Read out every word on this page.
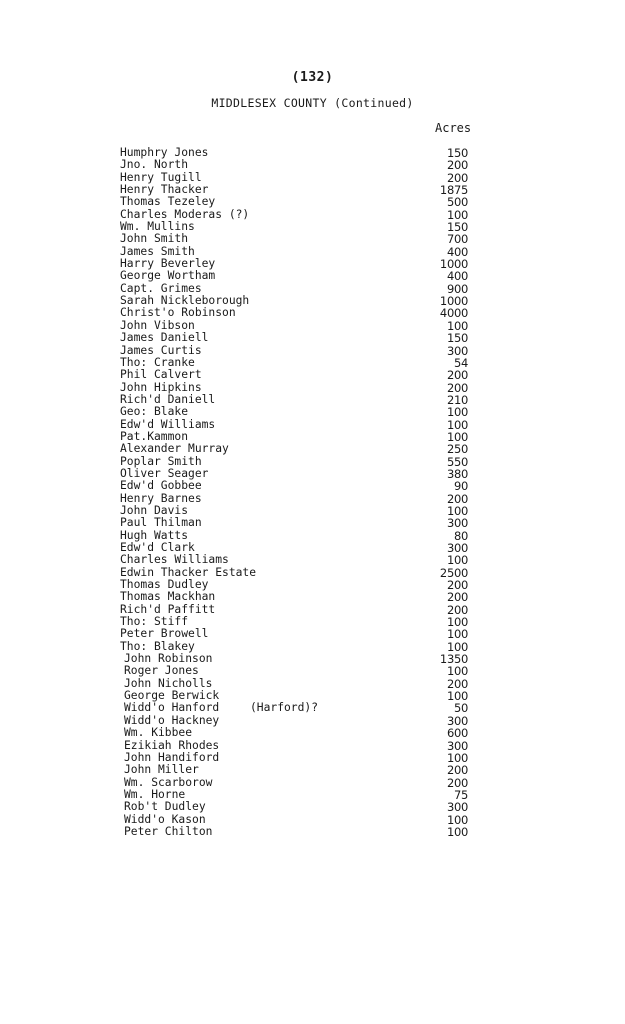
(132)
MIDDLESEX COUNTY (Continued)
Acres
Humphry Jones	150
Jno. North	200
Henry Tugill	200
Henry Thacker	1875
Thomas Tezeley	500
Charles Moderas (?)	100
Wm. Mullins	150
John Smith	700
James Smith	400
Harry Beverley	1000
George Wortham	400
Capt. Grimes	900
Sarah Nickleborough	1000
Christ'o Robinson	4000
John Vibson	100
James Daniell	150
James Curtis	300
Tho: Cranke	54
Phil Calvert	200
John Hipkins	200
Rich'd Daniell	210
Geo: Blake	100
Edw'd Williams	100
Pat.Kammon	100
Alexander Murray	250
Poplar Smith	550
Oliver Seager	380
Edw'd Gobbee	90
Henry Barnes	200
John Davis	100
Paul Thilman	300
Hugh Watts	80
Edw'd Clark	300
Charles Williams	100
Edwin Thacker Estate	2500
Thomas Dudley	200
Thomas Mackhan	200
Rich'd Paffitt	200
Tho: Stiff	100
Peter Browell	100
Tho: Blakey	100
John Robinson	1350
Roger Jones	100
John Nicholls	200
George Berwick	100
Widd'o Hanford	(Harford)?	50
Widd'o Hackney	300
Wm. Kibbee	600
Ezikiah Rhodes	300
John Handiford	100
John Miller	200
Wm. Scarborow	200
Wm. Horne	75
Rob't Dudley	300
Widd'o Kason	100
Peter Chilton	100
